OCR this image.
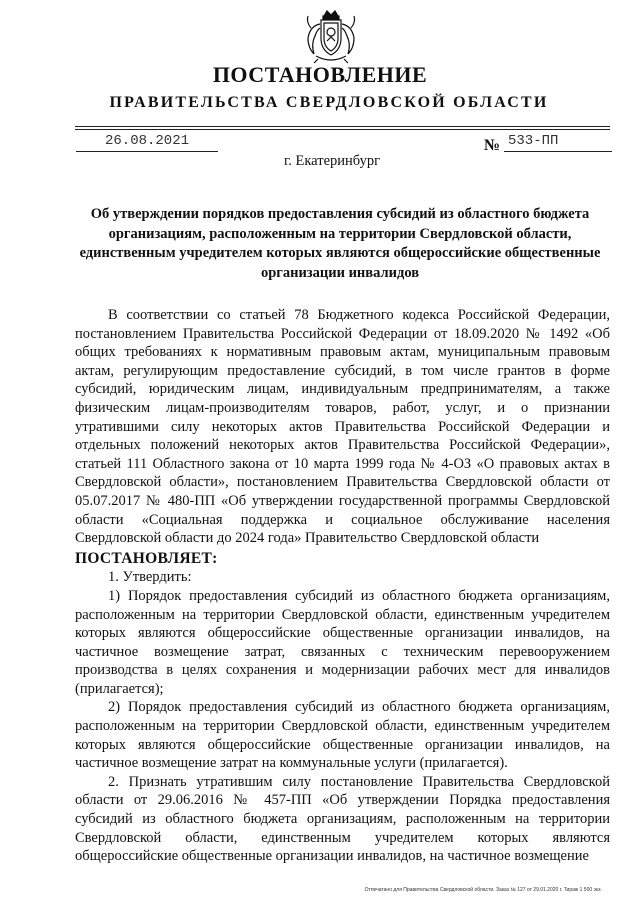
ПОСТАНОВЛЕНИЕ
ПРАВИТЕЛЬСТВА СВЕРДЛОВСКОЙ ОБЛАСТИ
26.08.2021	№ 533-ПП
г. Екатеринбург
Об утверждении порядков предоставления субсидий из областного бюджета организациям, расположенным на территории Свердловской области, единственным учредителем которых являются общероссийские общественные организации инвалидов

В соответствии со статьей 78 Бюджетного кодекса Российской Федерации, постановлением Правительства Российской Федерации от 18.09.2020 № 1492 «Об общих требованиях к нормативным правовым актам, муниципальным правовым актам, регулирующим предоставление субсидий, в том числе грантов в форме субсидий, юридическим лицам, индивидуальным предпринимателям, а также физическим лицам-производителям товаров, работ, услуг, и о признании утратившими силу некоторых актов Правительства Российской Федерации и отдельных положений некоторых актов Правительства Российской Федерации», статьей 111 Областного закона от 10 марта 1999 года № 4-ОЗ «О правовых актах в Свердловской области», постановлением Правительства Свердловской области от 05.07.2017 № 480-ПП «Об утверждении государственной программы Свердловской области «Социальная поддержка и социальное обслуживание населения Свердловской области до 2024 года» Правительство Свердловской области

ПОСТАНОВЛЯЕТ:

1. Утвердить:

1) Порядок предоставления субсидий из областного бюджета организациям, расположенным на территории Свердловской области, единственным учредителем которых являются общероссийские общественные организации инвалидов, на частичное возмещение затрат, связанных с техническим перевооружением производства в целях сохранения и модернизации рабочих мест для инвалидов (прилагается);

2) Порядок предоставления субсидий из областного бюджета организациям, расположенным на территории Свердловской области, единственным учредителем которых являются общероссийские общественные организации инвалидов, на частичное возмещение затрат на коммунальные услуги (прилагается).

2. Признать утратившим силу постановление Правительства Свердловской области от 29.06.2016 № 457-ПП «Об утверждении Порядка предоставления субсидий из областного бюджета организациям, расположенным на территории Свердловской области, единственным учредителем которых являются общероссийские общественные организации инвалидов, на частичное возмещение

Отпечатано для Правительства Свердловской области. Заказ № 127 от 29.01.2020 г. Тираж 1 500 экз.
